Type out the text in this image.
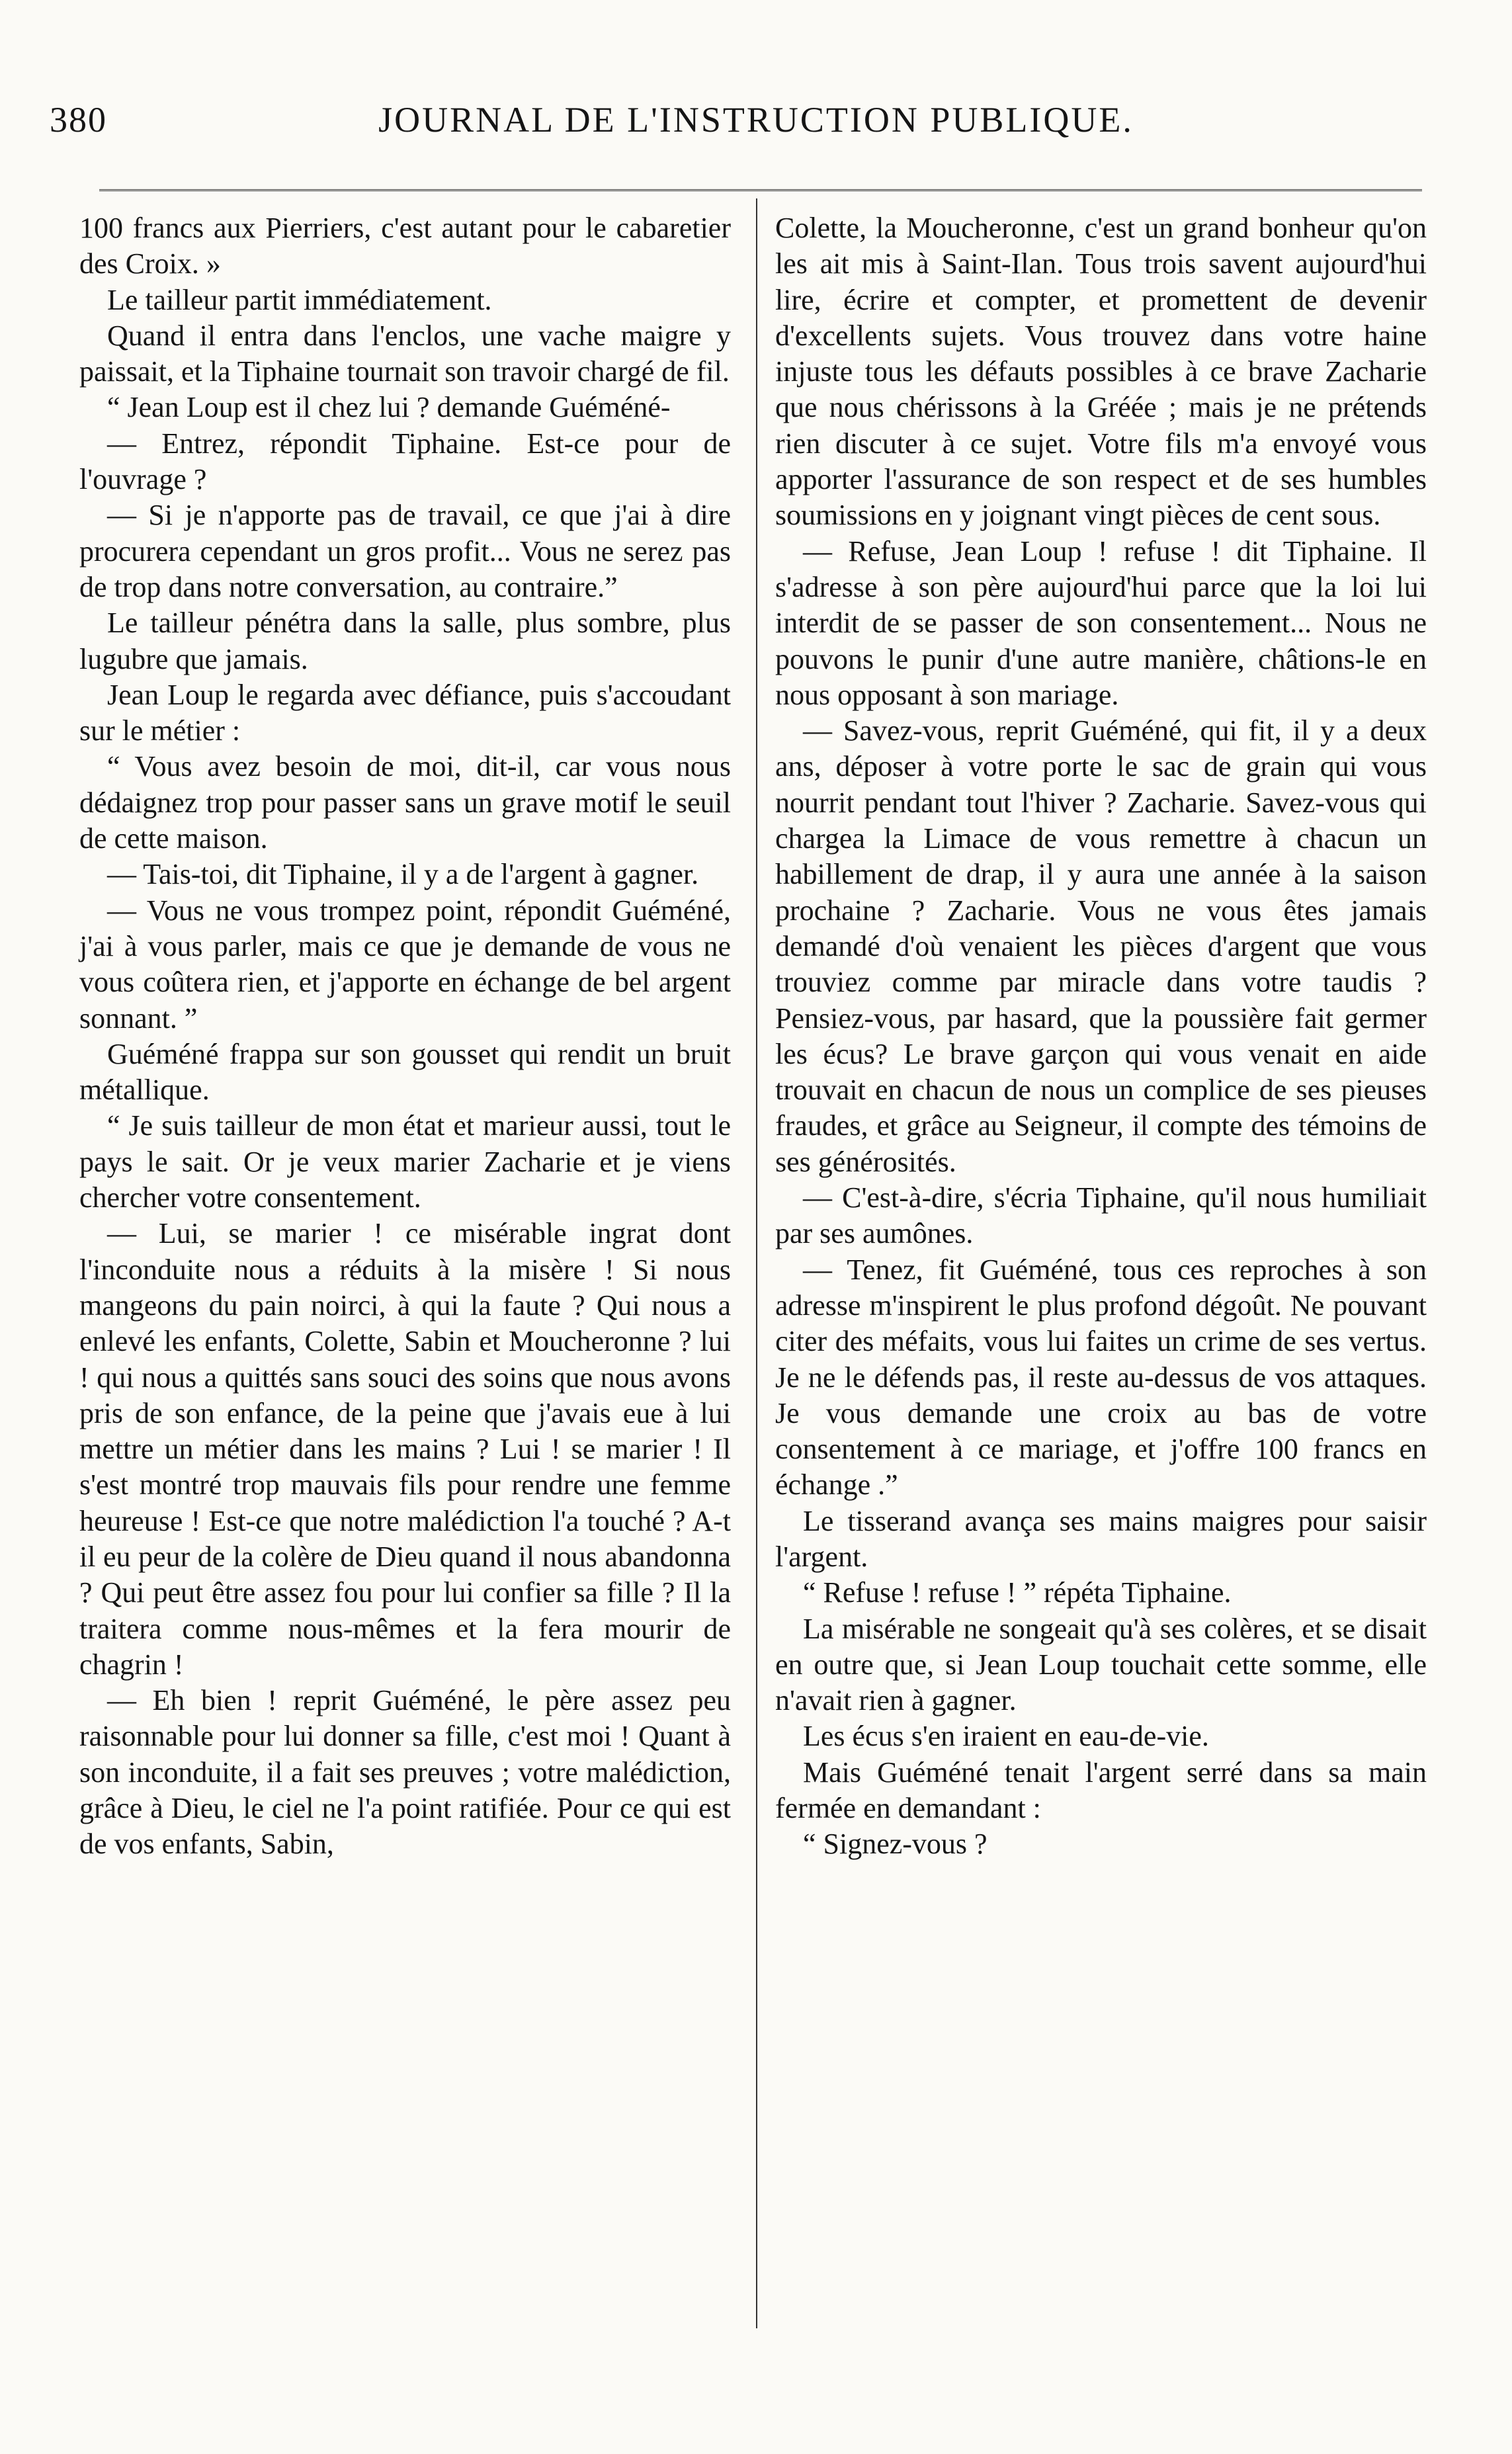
380	JOURNAL DE L'INSTRUCTION PUBLIQUE.

100 francs aux Pierriers, c'est autant pour le cabaretier des Croix. »

Le tailleur partit immédiatement.

Quand il entra dans l'enclos, une vache maigre y paissait, et la Tiphaine tournait son travoir chargé de fil.

“ Jean Loup est il chez lui ? demande Guéméné-

— Entrez, répondit Tiphaine. Est-ce pour de l'ouvrage ?

— Si je n'apporte pas de travail, ce que j'ai à dire procurera cependant un gros profit... Vous ne serez pas de trop dans notre conversation, au contraire.”

Le tailleur pénétra dans la salle, plus sombre, plus lugubre que jamais.

Jean Loup le regarda avec défiance, puis s'accoudant sur le métier :

“ Vous avez besoin de moi, dit-il, car vous nous dédaignez trop pour passer sans un grave motif le seuil de cette maison.

— Tais-toi, dit Tiphaine, il y a de l'argent à gagner.

— Vous ne vous trompez point, répondit Guéméné, j'ai à vous parler, mais ce que je demande de vous ne vous coûtera rien, et j'apporte en échange de bel argent sonnant. ”

Guéméné frappa sur son gousset qui rendit un bruit métallique.

“ Je suis tailleur de mon état et marieur aussi, tout le pays le sait. Or je veux marier Zacharie et je viens chercher votre consentement.

— Lui, se marier ! ce misérable ingrat dont l'inconduite nous a réduits à la misère ! Si nous mangeons du pain noirci, à qui la faute ? Qui nous a enlevé les enfants, Colette, Sabin et Moucheronne ? lui ! qui nous a quittés sans souci des soins que nous avons pris de son enfance, de la peine que j'avais eue à lui mettre un métier dans les mains ? Lui ! se marier ! Il s'est montré trop mauvais fils pour rendre une femme heureuse ! Est-ce que notre malédiction l'a touché ? A-t il eu peur de la colère de Dieu quand il nous abandonna ? Qui peut être assez fou pour lui confier sa fille ? Il la traitera comme nous-mêmes et la fera mourir de chagrin !

— Eh bien ! reprit Guéméné, le père assez peu raisonnable pour lui donner sa fille, c'est moi ! Quant à son inconduite, il a fait ses preuves ; votre malédiction, grâce à Dieu, le ciel ne l'a point ratifiée. Pour ce qui est de vos enfants, Sabin,

Colette, la Moucheronne, c'est un grand bonheur qu'on les ait mis à Saint-Ilan. Tous trois savent aujourd'hui lire, écrire et compter, et promettent de devenir d'excellents sujets. Vous trouvez dans votre haine injuste tous les défauts possibles à ce brave Zacharie que nous chérissons à la Gréée ; mais je ne prétends rien discuter à ce sujet. Votre fils m'a envoyé vous apporter l'assurance de son respect et de ses humbles soumissions en y joignant vingt pièces de cent sous.

— Refuse, Jean Loup ! refuse ! dit Tiphaine. Il s'adresse à son père aujourd'hui parce que la loi lui interdit de se passer de son consentement... Nous ne pouvons le punir d'une autre manière, châtions-le en nous opposant à son mariage.

— Savez-vous, reprit Guéméné, qui fit, il y a deux ans, déposer à votre porte le sac de grain qui vous nourrit pendant tout l'hiver ? Zacharie. Savez-vous qui chargea la Limace de vous remettre à chacun un habillement de drap, il y aura une année à la saison prochaine ? Zacharie. Vous ne vous êtes jamais demandé d'où venaient les pièces d'argent que vous trouviez comme par miracle dans votre taudis ? Pensiez-vous, par hasard, que la poussière fait germer les écus? Le brave garçon qui vous venait en aide trouvait en chacun de nous un complice de ses pieuses fraudes, et grâce au Seigneur, il compte des témoins de ses générosités.

— C'est-à-dire, s'écria Tiphaine, qu'il nous humiliait par ses aumônes.

— Tenez, fit Guéméné, tous ces reproches à son adresse m'inspirent le plus profond dégoût. Ne pouvant citer des méfaits, vous lui faites un crime de ses vertus. Je ne le défends pas, il reste au-dessus de vos attaques. Je vous demande une croix au bas de votre consentement à ce mariage, et j'offre 100 francs en échange .”

Le tisserand avança ses mains maigres pour saisir l'argent.

“ Refuse ! refuse ! ” répéta Tiphaine.

La misérable ne songeait qu'à ses colères, et se disait en outre que, si Jean Loup touchait cette somme, elle n'avait rien à gagner.

Les écus s'en iraient en eau-de-vie.

Mais Guéméné tenait l'argent serré dans sa main fermée en demandant :

“ Signez-vous ?
